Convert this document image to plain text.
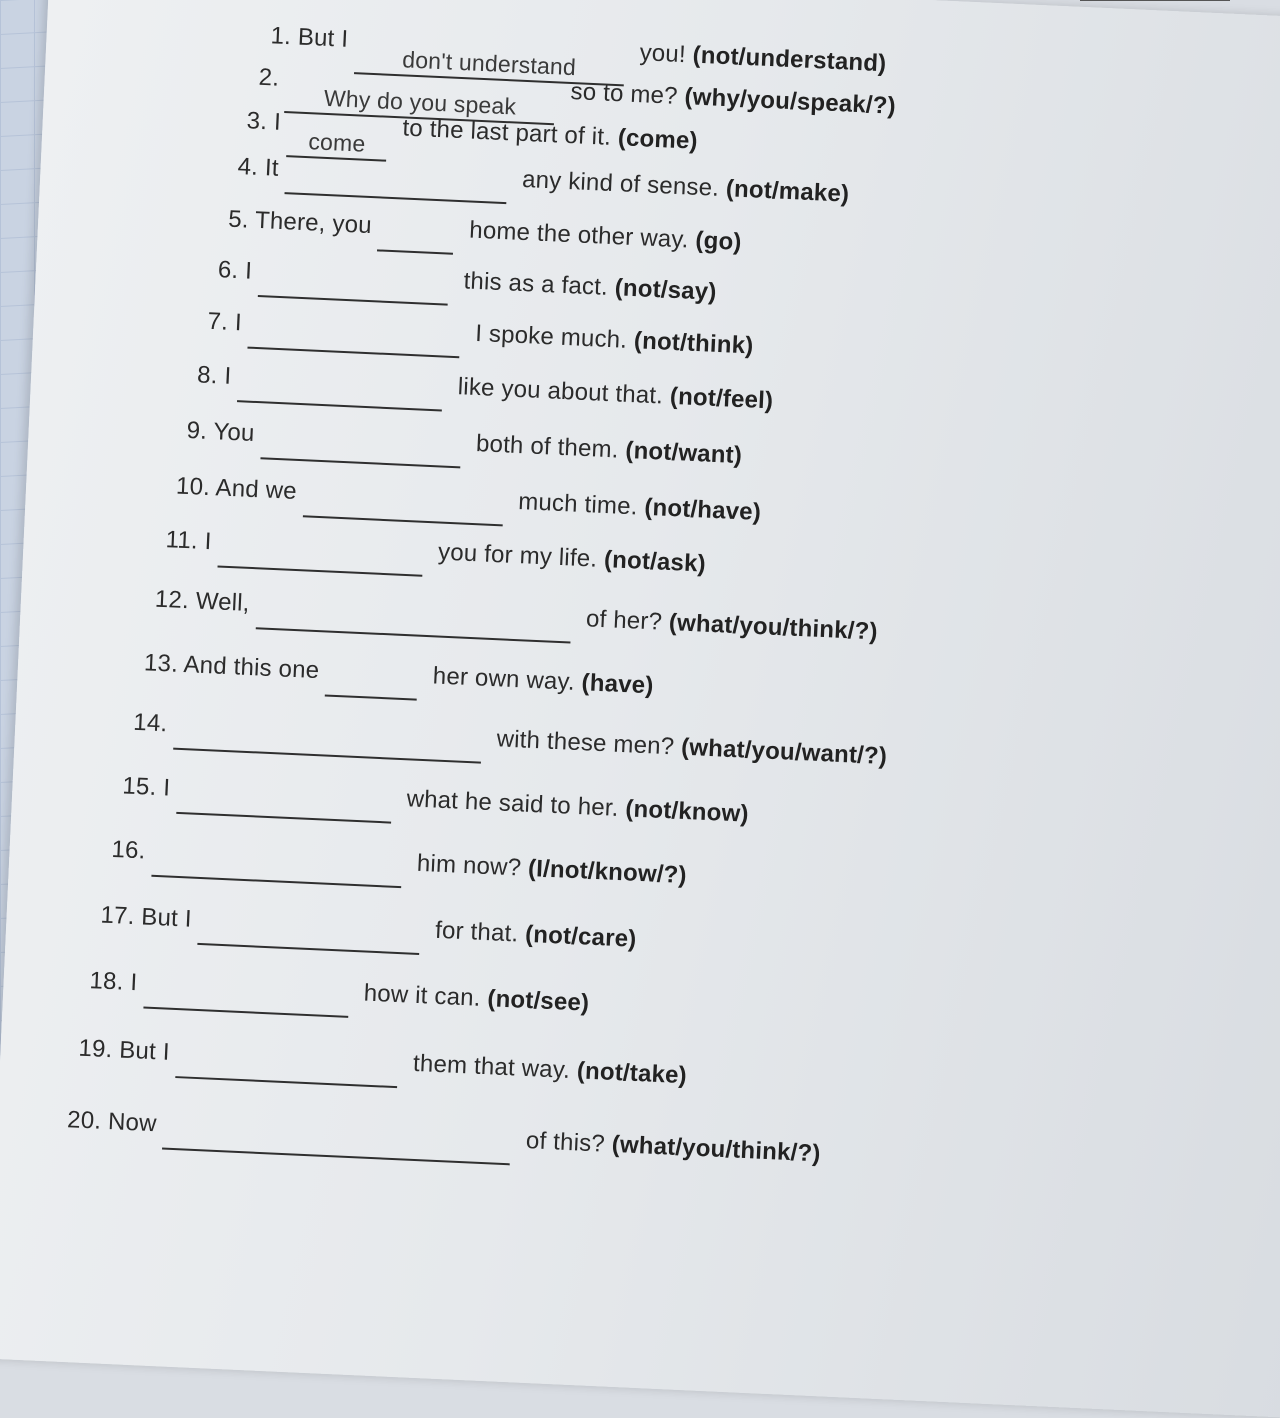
1. But I don't understand	you! (not/understand)
2. Why do you speak so to me? (why/you/speak/?)
3. I come to the last part of it. (come)
4. It	any kind of sense. (not/make)
5. There, you	home the other way. (go)
6. I	this as a fact. (not/say)
7. I	I spoke much. (not/think)
8. I	like you about that. (not/feel)
9. You	both of them. (not/want)
10. And we	much time. (not/have)
11. I	you for my life. (not/ask)
12. Well,  of her? (what/you/think/?)
13. And this one	her own way. (have)
14.  with these men? (what/you/want/?)
15. I	what he said to her. (not/know)
16.	him now? (I/not/know/?)
17. But I	for that. (not/care)
18. I	how it can. (not/see)
19. But I	them that way. (not/take)
20. Now  of this? (what/you/think/?)
